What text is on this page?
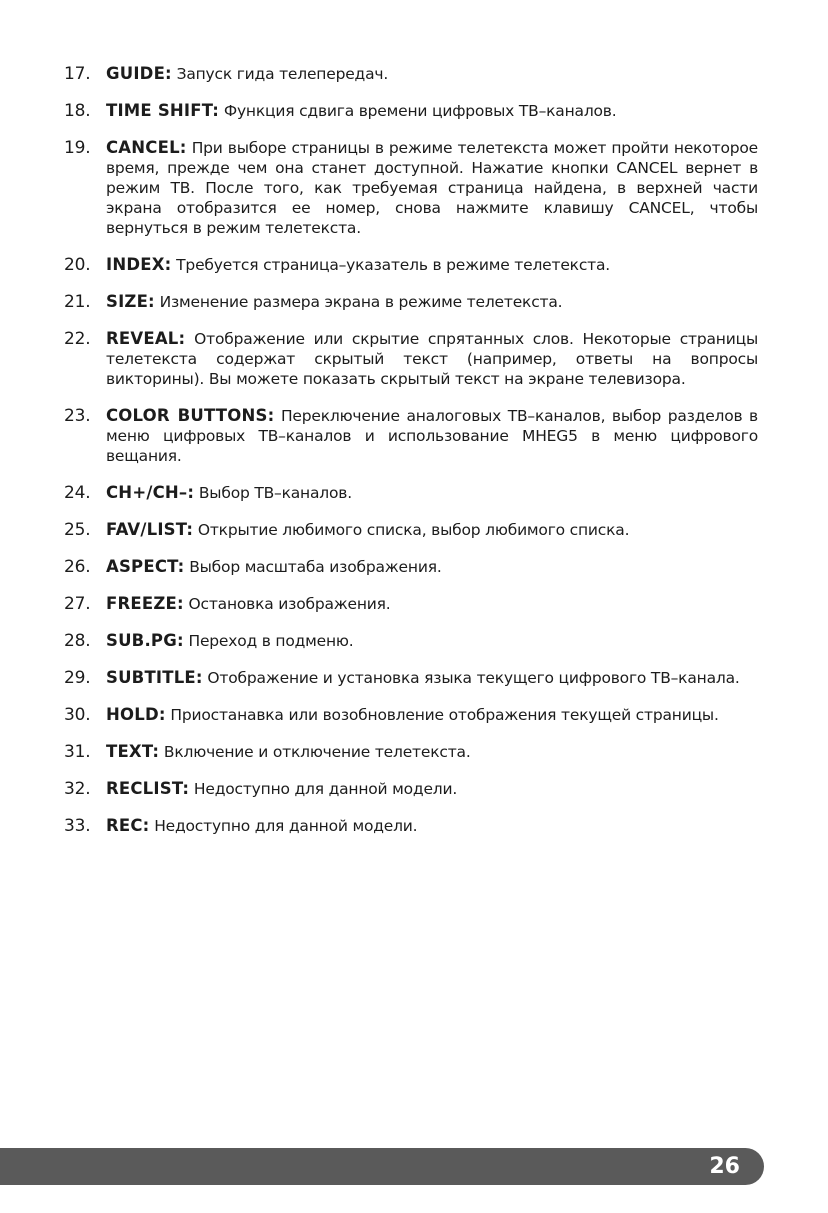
17. GUIDE: Запуск гида телепередач.
18. TIME SHIFT: Функция сдвига времени цифровых ТВ–каналов.
19. CANCEL: При выборе страницы в режиме телетекста может пройти некоторое время, прежде чем она станет доступной. Нажатие кнопки CANCEL вернет в режим ТВ. После того, как требуемая страница найдена, в верхней части экрана отобразится ее номер, снова нажмите клавишу CANCEL, чтобы вернуться в режим телетекста.
20. INDEX: Требуется страница–указатель в режиме телетекста.
21. SIZE: Изменение размера экрана в режиме телетекста.
22. REVEAL: Отображение или скрытие спрятанных слов. Некоторые страницы телетекста содержат скрытый текст (например, ответы на вопросы викторины). Вы можете показать скрытый текст на экране телевизора.
23. COLOR BUTTONS: Переключение аналоговых ТВ–каналов, выбор разделов в меню цифровых ТВ–каналов и использование MHEG5 в меню цифрового вещания.
24. CH+/CH–: Выбор ТВ–каналов.
25. FAV/LIST: Открытие любимого списка, выбор любимого списка.
26. ASPECT: Выбор масштаба изображения.
27. FREEZE: Остановка изображения.
28. SUB.PG: Переход в подменю.
29. SUBTITLE: Отображение и установка языка текущего цифрового ТВ–канала.
30. HOLD: Приостанавка или возобновление отображения текущей страницы.
31. TEXT: Включение и отключение телетекста.
32. RECLIST: Недоступно для данной модели.
33. REC: Недоступно для данной модели.
26
